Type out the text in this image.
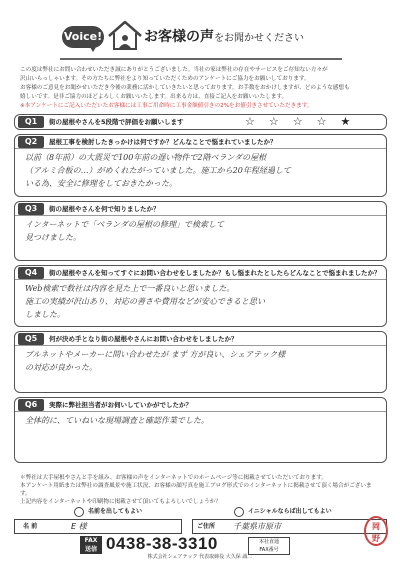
Voice!	お客様の声をお聞かせください
この度は弊社にお問い合わせいただき誠にありがとうございました。当社の家は弊社の存在やサービスをご存知ない方々が
沢山いらっしゃいます。その方たちに弊社をより知っていただくためのアンケートにご協力をお願いしております。
お客様のご意見をお聞かせいただき今後の業務に活かしていきたいと思っております。お手数をおかけしますが、どのような感想も
嬉しいです。是非ご協力のほどよろしくお願いいたします。出来る方は、直接ご記入をお願いいたします。
※本アンケートにご記入いただいたお客様には工事ご用命時に工事金額値引きの2%をお値引きさせていただきます。
Q1	街の屋根やさんを5段階で評価をお願いします	☆☆☆☆★
Q2	屋根工事を検討したきっかけは何ですか？どんなことで悩まれていましたか？
以前（8年前）の大震災で100年前の遅い物件で2階ベランダの屋根
（アルミ合板の…）がめくれたがっていました。施工から20年程経過して
いる為、安全に修理をしておきたかった。
Q3	街の屋根やさんを何で知りましたか？
インターネットで「ベランダの屋根の修理」で検索して
見つけました。
Q4	街の屋根やさんを知ってすぐにお問い合わせをしましたか？もし悩まれたとしたらどんなことで悩まれましたか？
Web検索で数社は内容を見た上で一番良いと思いました。
施工の実績が沢山あり、対応の善さや費用などが安心できると思い
しました。
Q5	何が決め手となり街の屋根やさんにお問い合わせをしましたか？
ブルネットやメーカーに問い合わせたが まず 方が良い、シェアテック様
の対応が良かった。
Q6	実際に弊社担当者がお伺いしていかがでしたか？
全体的に、ていねいな現場調査と確認作業でした。
＊弊社は大手屋根やさんと手を組み、お客様の声をインターネットでのホームページ等に掲載させていただいております。
本アンケート用紙または弊社の調査風景や施工状況、お客様の顔写真を施工ブログ形式でのインターネットに掲載させて頂く場合がございます。
上記内容をインターネットや印刷物に掲載させて頂いてもよろしいでしょうか？
名前を出してもよい	イニシャルならば出してもよい
名 前	E 様	ご住所 千葉県市原市
FAX
送信 0438-38-3310	本社直通
FAX番号
株式会社シェアテック 代表取締役 大久保 誠二
岡
野
